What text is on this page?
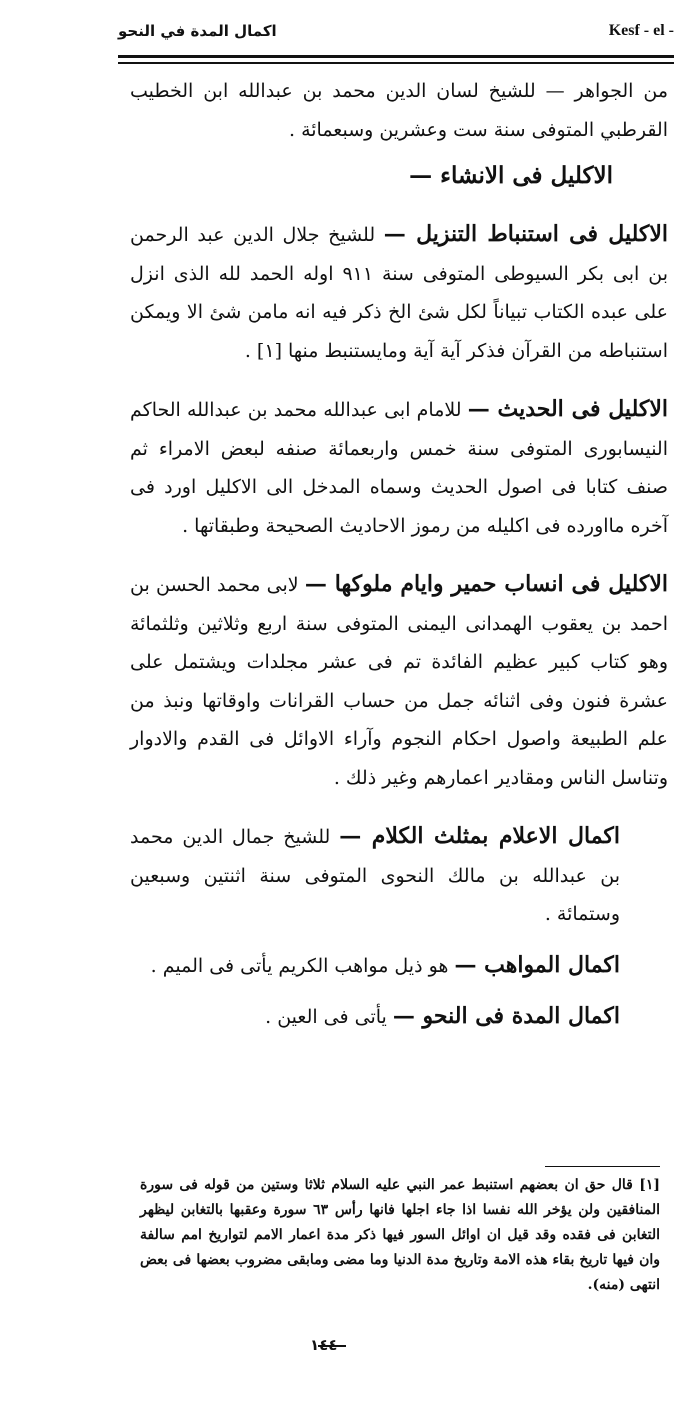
اكمال المدة في النحو	Kesf - el -

من الجواهر — للشيخ لسان الدين محمد بن عبدالله ابن الخطيب القرطبي المتوفى سنة ست وعشرين وسبعمائة .

الاكليل فى الانشاء —

الاكليل فى استنباط التنزيل — للشيخ جلال الدين عبد الرحمن بن ابى بكر السيوطى المتوفى سنة ٩١١ اوله الحمد لله الذى انزل على عبده الكتاب تبياناً لكل شئ الخ ذكر فيه انه مامن شئ الا ويمكن استنباطه من القرآن فذكر آية آية ومايستنبط منها [١] .

الاكليل فى الحديث — للامام ابى عبدالله محمد بن عبدالله الحاكم النيسابورى المتوفى سنة خمس واربعمائة صنفه لبعض الامراء ثم صنف كتابا فى اصول الحديث وسماه المدخل الى الاكليل اورد فى آخره مااورده فى اكليله من رموز الاحاديث الصحيحة وطبقاتها .

الاكليل فى انساب حمير وايام ملوكها — لابى محمد الحسن بن احمد بن يعقوب الهمدانى اليمنى المتوفى سنة اربع وثلاثين وثلثمائة وهو كتاب كبير عظيم الفائدة تم فى عشر مجلدات ويشتمل على عشرة فنون وفى اثنائه جمل من حساب القرانات واوقاتها ونبذ من علم الطبيعة واصول احكام النجوم وآراء الاوائل فى القدم والادوار وتناسل الناس ومقادير اعمارهم وغير ذلك .

اكمال الاعلام بمثلث الكلام — للشيخ جمال الدين محمد بن عبدالله بن مالك النحوى المتوفى سنة اثنتين وسبعين وستمائة .

اكمال المواهب — هو ذيل مواهب الكريم يأتى فى الميم .

اكمال المدة فى النحو — يأتى فى العين .

[١] قال حق ان بعضهم استنبط عمر النبي عليه السلام ثلاثا وستين من قوله فى سورة المنافقين ولن يؤخر الله نفسا اذا جاء اجلها فانها رأس ٦٣ سورة وعقبها بالتغابن ليظهر التغابن فى فقده وقد قيل ان اوائل السور فيها ذكر مدة اعمار الامم لتواريخ امم سالفة وان فيها تاريخ بقاء هذه الامة وتاريخ مدة الدنيا وما مضى ومابقى مضروب بعضها فى بعض انتهى (منه).

١٤٤
